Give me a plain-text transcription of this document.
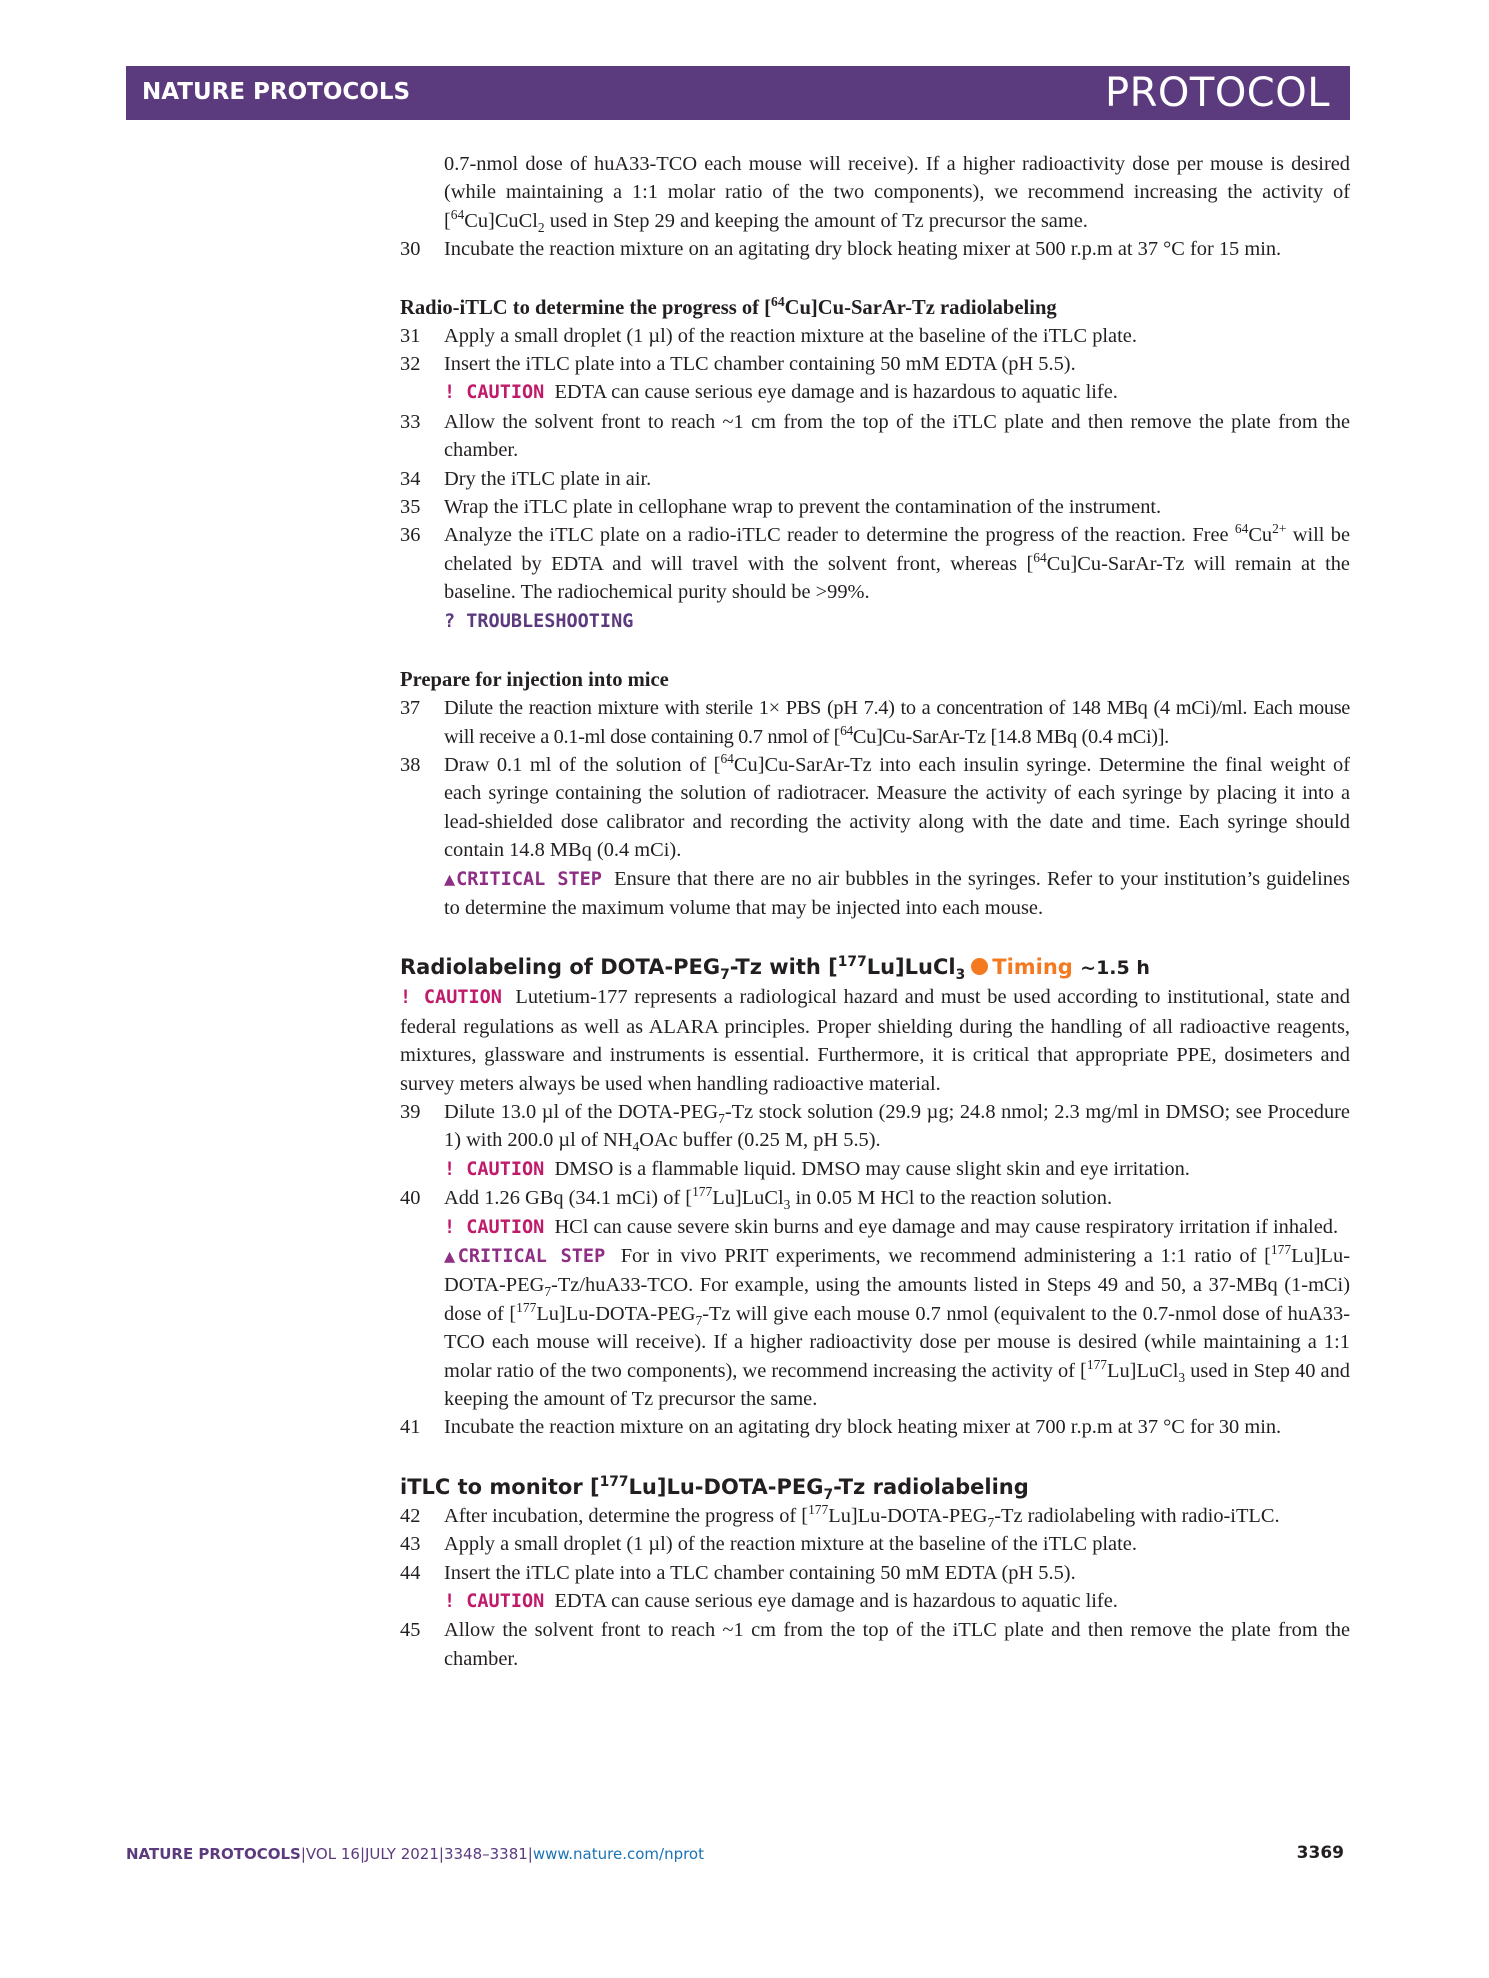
NATURE PROTOCOLS	PROTOCOL
0.7-nmol dose of huA33-TCO each mouse will receive). If a higher radioactivity dose per mouse is desired (while maintaining a 1:1 molar ratio of the two components), we recommend increasing the activity of [$^{64}$Cu]CuCl$_2$ used in Step 29 and keeping the amount of Tz precursor the same.
30 Incubate the reaction mixture on an agitating dry block heating mixer at 500 r.p.m at 37 °C for 15 min.
Radio-iTLC to determine the progress of [$^{64}$Cu]Cu-SarAr-Tz radiolabeling
31 Apply a small droplet (1 µl) of the reaction mixture at the baseline of the iTLC plate.
32 Insert the iTLC plate into a TLC chamber containing 50 mM EDTA (pH 5.5).
! CAUTION EDTA can cause serious eye damage and is hazardous to aquatic life.
33 Allow the solvent front to reach ~1 cm from the top of the iTLC plate and then remove the plate from the chamber.
34 Dry the iTLC plate in air.
35 Wrap the iTLC plate in cellophane wrap to prevent the contamination of the instrument.
36 Analyze the iTLC plate on a radio-iTLC reader to determine the progress of the reaction. Free $^{64}Cu^{2+}$ will be chelated by EDTA and will travel with the solvent front, whereas [$^{64}$Cu]Cu-SarAr-Tz will remain at the baseline. The radiochemical purity should be >99%.
? TROUBLESHOOTING
Prepare for injection into mice
37 Dilute the reaction mixture with sterile 1× PBS (pH 7.4) to a concentration of 148 MBq (4 mCi)/ml. Each mouse will receive a 0.1-ml dose containing 0.7 nmol of [$^{64}$Cu]Cu-SarAr-Tz [14.8 MBq (0.4 mCi)].
38 Draw 0.1 ml of the solution of [$^{64}$Cu]Cu-SarAr-Tz into each insulin syringe. Determine the final weight of each syringe containing the solution of radiotracer. Measure the activity of each syringe by placing it into a lead-shielded dose calibrator and recording the activity along with the date and time. Each syringe should contain 14.8 MBq (0.4 mCi).
▲CRITICAL STEP Ensure that there are no air bubbles in the syringes. Refer to your institution’s guidelines to determine the maximum volume that may be injected into each mouse.
Radiolabeling of DOTA-$PEG_7-Tz$ with [$^{177}$Lu]LuCl$_3$ Timing ~1.5 h
! CAUTION Lutetium-177 represents a radiological hazard and must be used according to institutional, state and federal regulations as well as ALARA principles. Proper shielding during the handling of all radioactive reagents, mixtures, glassware and instruments is essential. Furthermore, it is critical that appropriate PPE, dosimeters and survey meters always be used when handling radioactive material.
39 Dilute 13.0 µl of the DOTA-$PEG_7-Tz$ stock solution (29.9 µg; 24.8 nmol; 2.3 mg/ml in DMSO; see Procedure 1) with 200.0 µl of $NH_4OAc$ buffer (0.25 M, pH 5.5).
! CAUTION DMSO is a flammable liquid. DMSO may cause slight skin and eye irritation.
40 Add 1.26 GBq (34.1 mCi) of [$^{177}$Lu]LuCl$_3$ in 0.05 M HCl to the reaction solution.
! CAUTION HCl can cause severe skin burns and eye damage and may cause respiratory irritation if inhaled.
▲CRITICAL STEP For in vivo PRIT experiments, we recommend administering a 1:1 ratio of $[^{177}Lu]Lu-DOTA-PEG_7-Tz/huA33$-TCO. For example, using the amounts listed in Steps 49 and 50, a 37-MBq (1-mCi) dose of $[^{177}Lu]Lu-DOTA-PEG_7-Tz$ will give each mouse 0.7 nmol (equivalent to the 0.7-nmol dose of huA33-TCO each mouse will receive). If a higher radioactivity dose per mouse is desired (while maintaining a 1:1 molar ratio of the two components), we recommend increasing the activity of [$^{177}$Lu]LuCl$_3$ used in Step 40 and keeping the amount of Tz precursor the same.
41 Incubate the reaction mixture on an agitating dry block heating mixer at 700 r.p.m at 37 °C for 30 min.
iTLC to monitor $[^{177}Lu]Lu-DOTA-PEG_7-Tz$ radiolabeling
42 After incubation, determine the progress of $[^{177}Lu]Lu-DOTA-PEG_7-Tz$ radiolabeling with radio-iTLC.
43 Apply a small droplet (1 µl) of the reaction mixture at the baseline of the iTLC plate.
44 Insert the iTLC plate into a TLC chamber containing 50 mM EDTA (pH 5.5).
! CAUTION EDTA can cause serious eye damage and is hazardous to aquatic life.
45 Allow the solvent front to reach ~1 cm from the top of the iTLC plate and then remove the plate from the chamber.
NATURE PROTOCOLS|VOL 16|JULY 2021|3348–3381|www.nature.com/nprot	3369
